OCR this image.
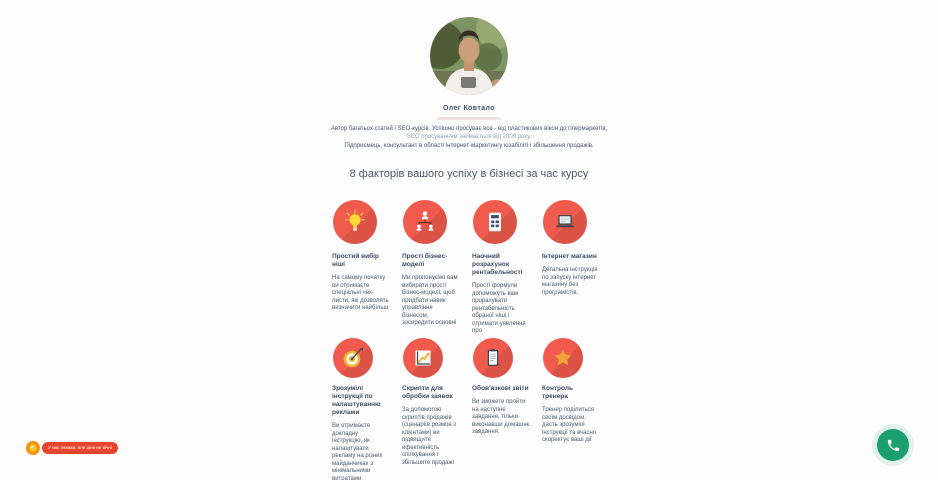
Олег Ковтало

Автор багатьох статей і SEO-курсів. Успішно просуває все - від пластикових вікон до гіпермаркетів,

SEO просуванням займається від 2009 року.

Підприємець, консультант в області інтернет-маркетингу юзабіліті і збільшення продажів.

8 факторів вашого успіху в бізнесі за час курсу
Простий вибір ніші
На самому початку ви отримаєте спеціальні чек-листи, які дозволять визначити найбільш
Прості бізнес-моделі
Ми пропонуємо вам вибирати прості бізнес-моделі, щоб придбати навик управління бізнесом, зосередити основні
Наочний розрахунок рентабельності
Прості формули допоможуть вам прорахувати рентабельність обраної ніші і отримати уявлення про
Інтернет магазин
Детальна інструкція по запуску інтернет магазину без програмістів.
Зрозумілі інструкції по налаштуванню реклами
Ви отримаєте докладну інструкцію, як налаштувати рекламу на різних майданчиках з мінімальними витратами
Скрипти для обробки заявок
За допомогою скриптів продажів (сценаріїв розмов з клієнтами) ви підвищите ефективність спілкування і збільшите продажі
Обов'язкові звіти
Ви зможете пройти на наступне завдання, тільки виконавши домашнє завдання.
Контроль тренера
Тренер поділиться своїм досвідом, дасть зрозумілі інструкції та вчасно скоректує ваші дії
У нас знижки, але ціни не вічні
